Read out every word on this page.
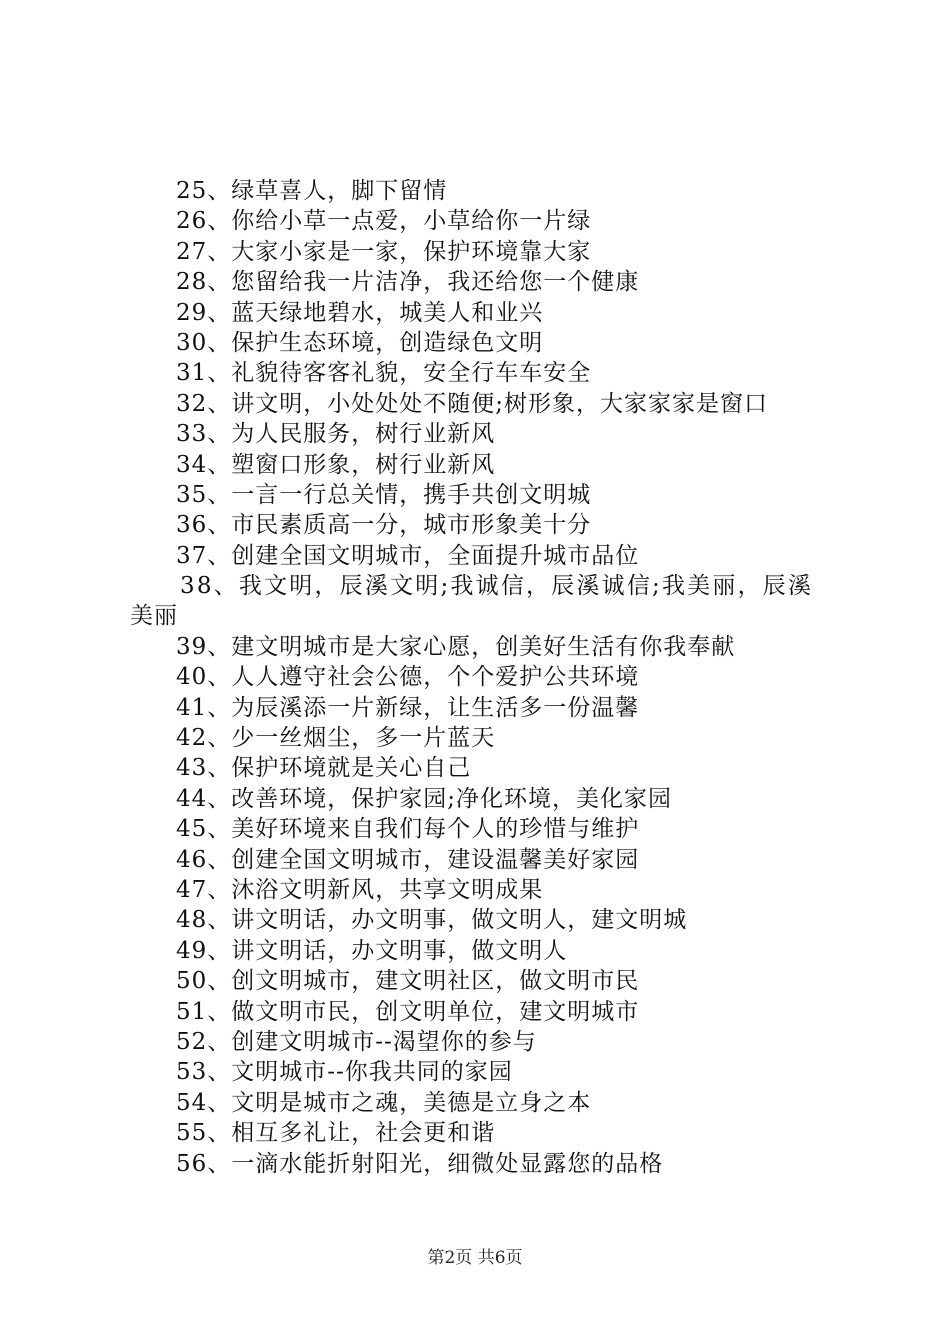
25、绿草喜人，脚下留情
26、你给小草一点爱，小草给你一片绿
27、大家小家是一家，保护环境靠大家
28、您留给我一片洁净，我还给您一个健康
29、蓝天绿地碧水，城美人和业兴
30、保护生态环境，创造绿色文明
31、礼貌待客客礼貌，安全行车车安全
32、讲文明，小处处处不随便;树形象，大家家家是窗口
33、为人民服务，树行业新风
34、塑窗口形象，树行业新风
35、一言一行总关情，携手共创文明城
36、市民素质高一分，城市形象美十分
37、创建全国文明城市，全面提升城市品位
38、我文明，辰溪文明;我诚信，辰溪诚信;我美丽，辰溪
美丽
39、建文明城市是大家心愿，创美好生活有你我奉献
40、人人遵守社会公德，个个爱护公共环境
41、为辰溪添一片新绿，让生活多一份温馨
42、少一丝烟尘，多一片蓝天
43、保护环境就是关心自己
44、改善环境，保护家园;净化环境，美化家园
45、美好环境来自我们每个人的珍惜与维护
46、创建全国文明城市，建设温馨美好家园
47、沐浴文明新风，共享文明成果
48、讲文明话，办文明事，做文明人，建文明城
49、讲文明话，办文明事，做文明人
50、创文明城市，建文明社区，做文明市民
51、做文明市民，创文明单位，建文明城市
52、创建文明城市--渴望你的参与
53、文明城市--你我共同的家园
54、文明是城市之魂，美德是立身之本
55、相互多礼让，社会更和谐
56、一滴水能折射阳光，细微处显露您的品格
第2页 共6页
